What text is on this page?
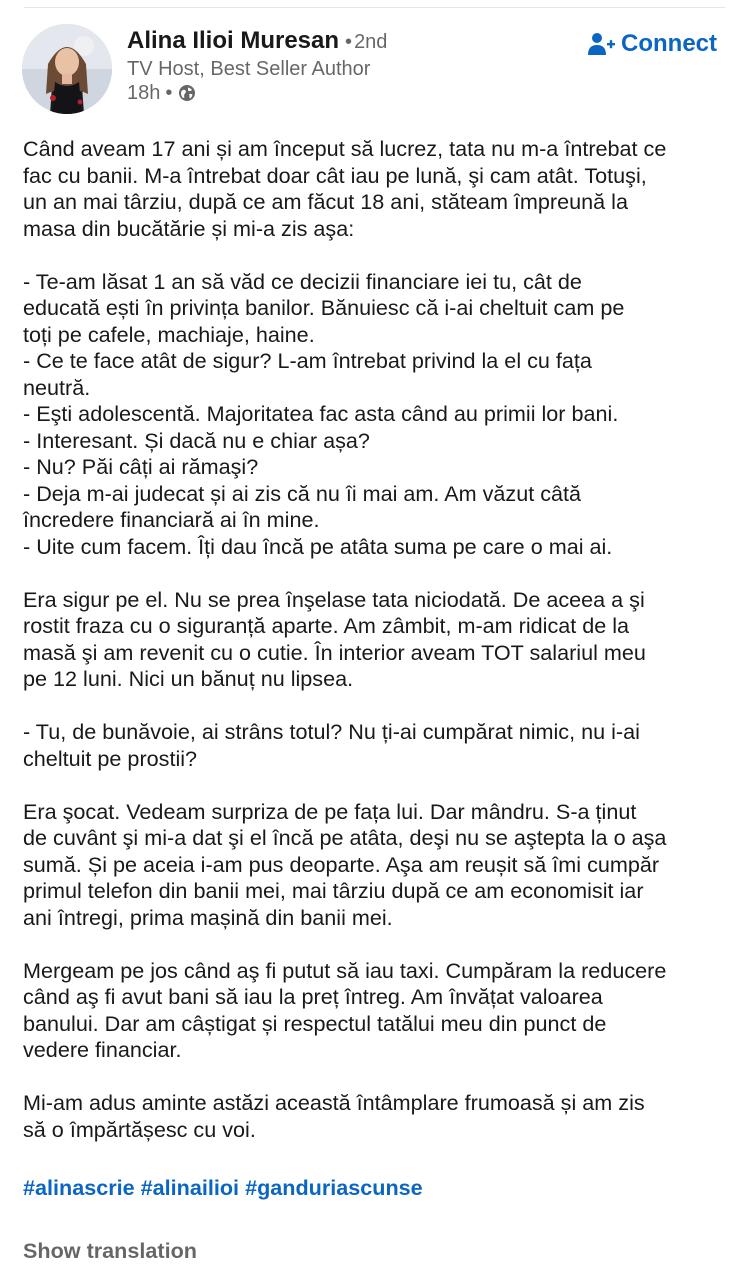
Alina Ilioi Muresan • 2nd
TV Host, Best Seller Author
18h •
Connect
Când aveam 17 ani și am început să lucrez, tata nu m-a întrebat ce
fac cu banii. M-a întrebat doar cât iau pe lună, şi cam atât. Totuşi,
un an mai târziu, după ce am făcut 18 ani, stăteam împreună la
masa din bucătărie și mi-a zis aşa:
- Te-am lăsat 1 an să văd ce decizii financiare iei tu, cât de
educată ești în privința banilor. Bănuiesc că i-ai cheltuit cam pe
toți pe cafele, machiaje, haine.
- Ce te face atât de sigur? L-am întrebat privind la el cu fața
neutră.
- Eşti adolescentă. Majoritatea fac asta când au primii lor bani.
- Interesant. Și dacă nu e chiar așa?
- Nu? Păi câți ai rămaşi?
- Deja m-ai judecat și ai zis că nu îi mai am. Am văzut câtă
încredere financiară ai în mine.
- Uite cum facem. Îți dau încă pe atâta suma pe care o mai ai.
Era sigur pe el. Nu se prea înşelase tata niciodată. De aceea a şi
rostit fraza cu o siguranță aparte. Am zâmbit, m-am ridicat de la
masă şi am revenit cu o cutie. În interior aveam TOT salariul meu
pe 12 luni. Nici un bănuț nu lipsea.
- Tu, de bunăvoie, ai strâns totul? Nu ți-ai cumpărat nimic, nu i-ai
cheltuit pe prostii?
Era şocat. Vedeam surpriza de pe fața lui. Dar mândru. S-a ținut
de cuvânt şi mi-a dat şi el încă pe atâta, deşi nu se aştepta la o aşa
sumă. Și pe aceia i-am pus deoparte. Aşa am reușit să îmi cumpăr
primul telefon din banii mei, mai târziu după ce am economisit iar
ani întregi, prima mașină din banii mei.
Mergeam pe jos când aş fi putut să iau taxi. Cumpăram la reducere
când aş fi avut bani să iau la preț întreg. Am învățat valoarea
banului. Dar am câștigat și respectul tatălui meu din punct de
vedere financiar.
Mi-am adus aminte astăzi această întâmplare frumoasă și am zis
să o împărtășesc cu voi.
#alinascrie #alinailioi #ganduriascunse
Show translation
